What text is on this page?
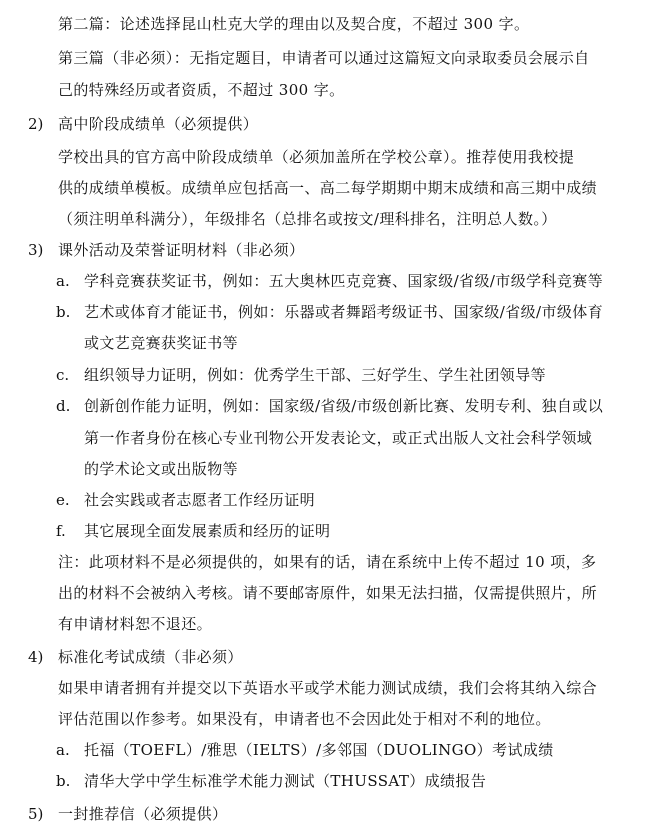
第二篇：论述选择昆山杜克大学的理由以及契合度，不超过 300 字。
第三篇（非必须）：无指定题目，申请者可以通过这篇短文向录取委员会展示自
己的特殊经历或者资质，不超过 300 字。
2) 高中阶段成绩单（必须提供）
学校出具的官方高中阶段成绩单（必须加盖所在学校公章）。推荐使用我校提
供的成绩单模板。成绩单应包括高一、高二每学期期中期末成绩和高三期中成绩
（须注明单科满分），年级排名（总排名或按文/理科排名，注明总人数。）
3) 课外活动及荣誉证明材料（非必须）
a. 学科竞赛获奖证书，例如：五大奥林匹克竞赛、国家级/省级/市级学科竞赛等
b. 艺术或体育才能证书，例如：乐器或者舞蹈考级证书、国家级/省级/市级体育
或文艺竞赛获奖证书等
c. 组织领导力证明，例如：优秀学生干部、三好学生、学生社团领导等
d. 创新创作能力证明，例如：国家级/省级/市级创新比赛、发明专利、独自或以
第一作者身份在核心专业刊物公开发表论文，或正式出版人文社会科学领域
的学术论文或出版物等
e. 社会实践或者志愿者工作经历证明
f. 其它展现全面发展素质和经历的证明
注：此项材料不是必须提供的，如果有的话，请在系统中上传不超过 10 项，多
出的材料不会被纳入考核。请不要邮寄原件，如果无法扫描，仅需提供照片，所
有申请材料恕不退还。
4) 标准化考试成绩（非必须）
如果申请者拥有并提交以下英语水平或学术能力测试成绩，我们会将其纳入综合
评估范围以作参考。如果没有，申请者也不会因此处于相对不利的地位。
a. 托福（TOEFL）/雅思（IELTS）/多邻国（DUOLINGO）考试成绩
b. 清华大学中学生标准学术能力测试（THUSSAT）成绩报告
5) 一封推荐信（必须提供）
